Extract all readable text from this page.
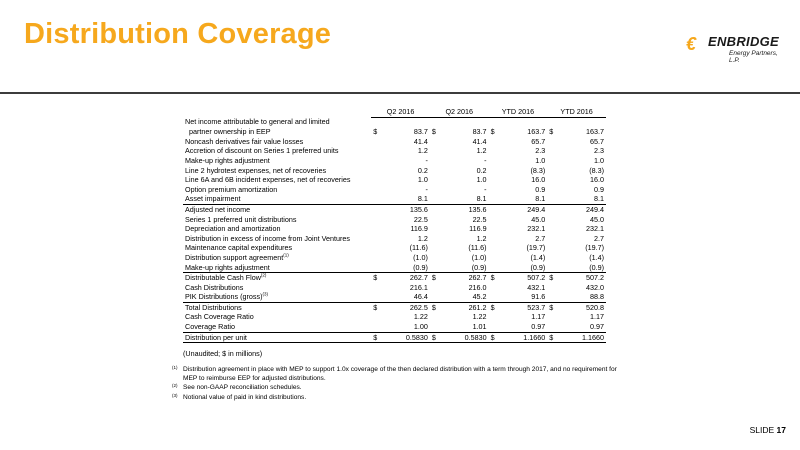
Distribution Coverage	€ ENBRIDGE
Energy Partners, L.P.
	Q2 2016		Q2 2016		YTD 2016		YTD 2016	
Net income attributable to general and limited								
partner ownership in EEP	$	83.7	$	83.7	$	163.7	$	163.7
Noncash derivatives fair value losses		41.4		41.4		65.7		65.7
Accretion of discount on Series 1 preferred units		1.2		1.2		2.3		2.3
Make-up rights adjustment		-		-		1.0		1.0
Line 2 hydrotest expenses, net of recoveries		0.2		0.2		(8.3)		(8.3)
Line 6A and 6B incident expenses, net of recoveries		1.0		1.0		16.0		16.0
Option premium amortization		-		-		0.9		0.9
Asset impairment		8.1		8.1		8.1		8.1
Adjusted net income		135.6		135.6		249.4		249.4
Series 1 preferred unit distributions		22.5		22.5		45.0		45.0
Depreciation and amortization		116.9		116.9		232.1		232.1
Distribution in excess of income from Joint Ventures		1.2		1.2		2.7		2.7
Maintenance capital expenditures		(11.6)		(11.6)		(19.7)		(19.7)
Distribution support agreement$^{(1)}$		(1.0)		(1.0)		(1.4)		(1.4)
Make-up rights adjustment		(0.9)		(0.9)		(0.9)		(0.9)
Distributable Cash Flow$^{(2)}$	$	262.7	$	262.7	$	507.2	$	507.2
Cash Distributions		216.1		216.0		432.1		432.0
PIK Distributions (gross)$^{(3)}$		46.4		45.2		91.6		88.8
Total Distributions	$	262.5	$	261.2	$	523.7	$	520.8
Cash Coverage Ratio		1.22		1.22		1.17		1.17
Coverage Ratio		1.00		1.01		0.97		0.97
Distribution per unit	$	0.5830	$	0.5830	$	1.1660	$	1.1660
(Unaudited; $ in millions)
(1) Distribution agreement in place with MEP to support 1.0x coverage of the then declared distribution with a term through 2017, and no requirement for MEP to reimburse EEP for adjusted distributions.
(2) See non-GAAP reconciliation schedules.
(3) Notional value of paid in kind distributions.
SLIDE 17
